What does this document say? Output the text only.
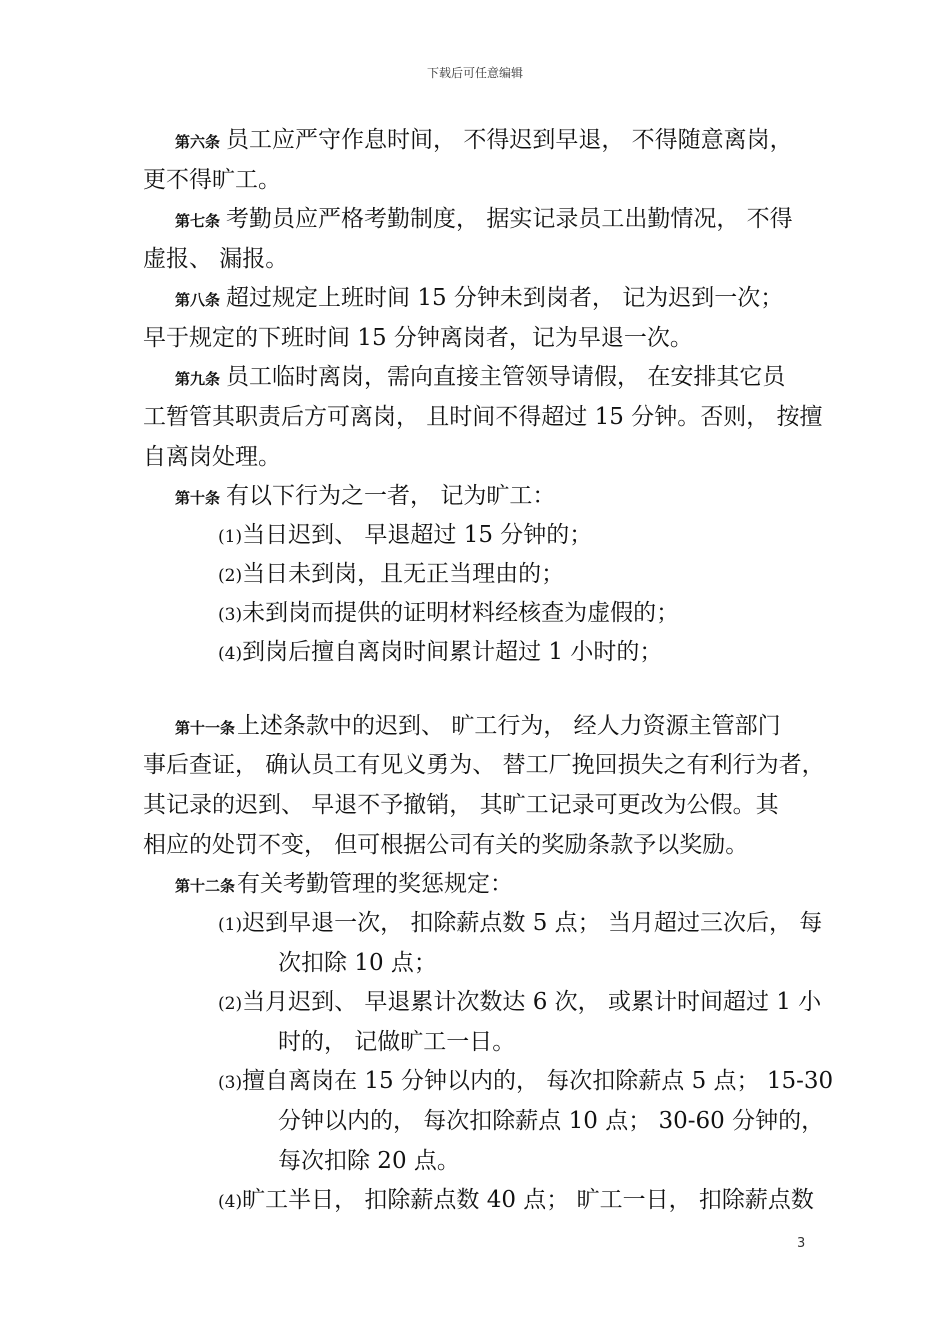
下载后可任意编辑
第六条 员工应严守作息时间， 不得迟到早退， 不得随意离岗，
更不得旷工。
第七条 考勤员应严格考勤制度， 据实记录员工出勤情况， 不得
虚报、 漏报。
第八条 超过规定上班时间 15 分钟未到岗者， 记为迟到一次；
早于规定的下班时间 15 分钟离岗者，记为早退一次。
第九条 员工临时离岗，需向直接主管领导请假， 在安排其它员
工暂管其职责后方可离岗， 且时间不得超过 15 分钟。否则， 按擅
自离岗处理。
第十条 有以下行为之一者， 记为旷工：
(1)当日迟到、 早退超过 15 分钟的；
(2)当日未到岗，且无正当理由的；
(3)未到岗而提供的证明材料经核查为虚假的；
(4)到岗后擅自离岗时间累计超过 1 小时的；
第十一条上述条款中的迟到、 旷工行为， 经人力资源主管部门
事后查证， 确认员工有见义勇为、 替工厂挽回损失之有利行为者，
其记录的迟到、 早退不予撤销， 其旷工记录可更改为公假。其
相应的处罚不变， 但可根据公司有关的奖励条款予以奖励。
第十二条有关考勤管理的奖惩规定：
(1)迟到早退一次， 扣除薪点数 5 点； 当月超过三次后， 每
次扣除 10 点；
(2)当月迟到、 早退累计次数达 6 次， 或累计时间超过 1 小
时的， 记做旷工一日。
(3)擅自离岗在 15 分钟以内的， 每次扣除薪点 5 点； 15-30
分钟以内的， 每次扣除薪点 10 点； 30-60 分钟的，
每次扣除 20 点。
(4)旷工半日， 扣除薪点数 40 点； 旷工一日， 扣除薪点数
3
